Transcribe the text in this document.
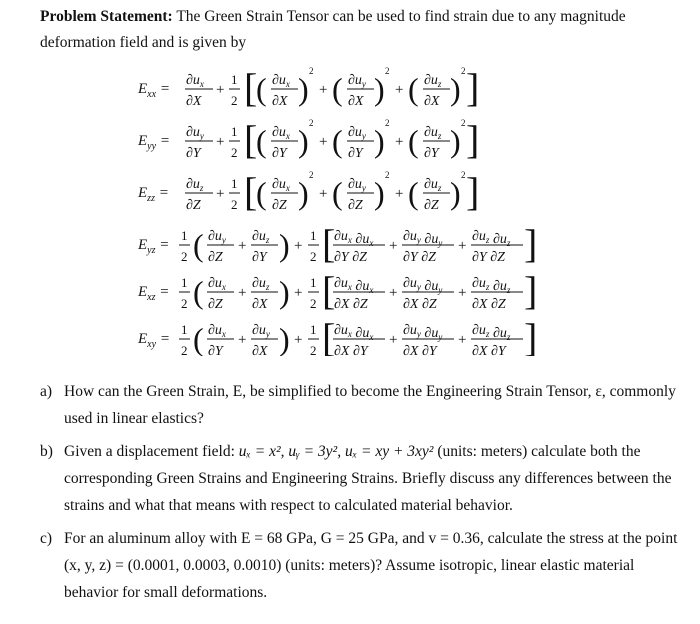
Problem Statement: The Green Strain Tensor can be used to find strain due to any magnitude deformation field and is given by
$E_{xx}$ =
$\partial u_x$
∂X
+
1
2 [
( $\partial u_x$
∂X ) 2
+ ( $\partial u_y$
∂X ) 2
+ ( $\partial u_z$
∂X ) 2 ]
$E_{yy}$ =
$\partial u_y$
∂Y
+
1
2 [
( $\partial u_x$
∂Y ) 2
+ ( $\partial u_y$
∂Y ) 2
+ ( $\partial u_z$
∂Y ) 2 ]
$E_{zz}$ =
$\partial u_z$
∂Z
+
1
2 [
( $\partial u_x$
∂Z ) 2
+ ( $\partial u_y$
∂Z ) 2
+ ( $\partial u_z$
∂Z ) 2 ]
$E_{yz}$ =
1
2 ( $\partial u_y$
∂Z
+
$\partial u_z$
∂Y ) +
1
2 [
$\partial u_x$ $\partial u_x$
∂Y ∂Z
+
$\partial u_y$ $\partial u_y$
∂Y ∂Z
+
$\partial u_z$ $\partial u_z$
∂Y ∂Z ]
$E_{xz}$ =
1
2 ( $\partial u_x$
∂Z
+
$\partial u_z$
∂X ) +
1
2 [
$\partial u_x$ $\partial u_x$
∂X ∂Z
+
$\partial u_y$ $\partial u_y$
∂X ∂Z
+
$\partial u_z$ $\partial u_z$
∂X ∂Z ]
$E_{xy}$ =
1
2 ( $\partial u_x$
∂Y
+
$\partial u_y$
∂X ) +
1
2 [
$\partial u_x$ $\partial u_x$
∂X ∂Y
+
$\partial u_y$ $\partial u_y$
∂X ∂Y
+
$\partial u_z$ $\partial u_z$
∂X ∂Y ]
a) How can the Green Strain, E, be simplified to become the Engineering Strain Tensor, ε, commonly used in linear elastics?
b) Given a displacement field: uₓ = x², uᵧ = 3y², uₓ = xy + 3xy² (units: meters) calculate both the corresponding Green Strains and Engineering Strains. Briefly discuss any differences between the strains and what that means with respect to calculated material behavior.
c) For an aluminum alloy with E = 68 GPa, G = 25 GPa, and v = 0.36, calculate the stress at the point (x, y, z) = (0.0001, 0.0003, 0.0010) (units: meters)? Assume isotropic, linear elastic material behavior for small deformations.
